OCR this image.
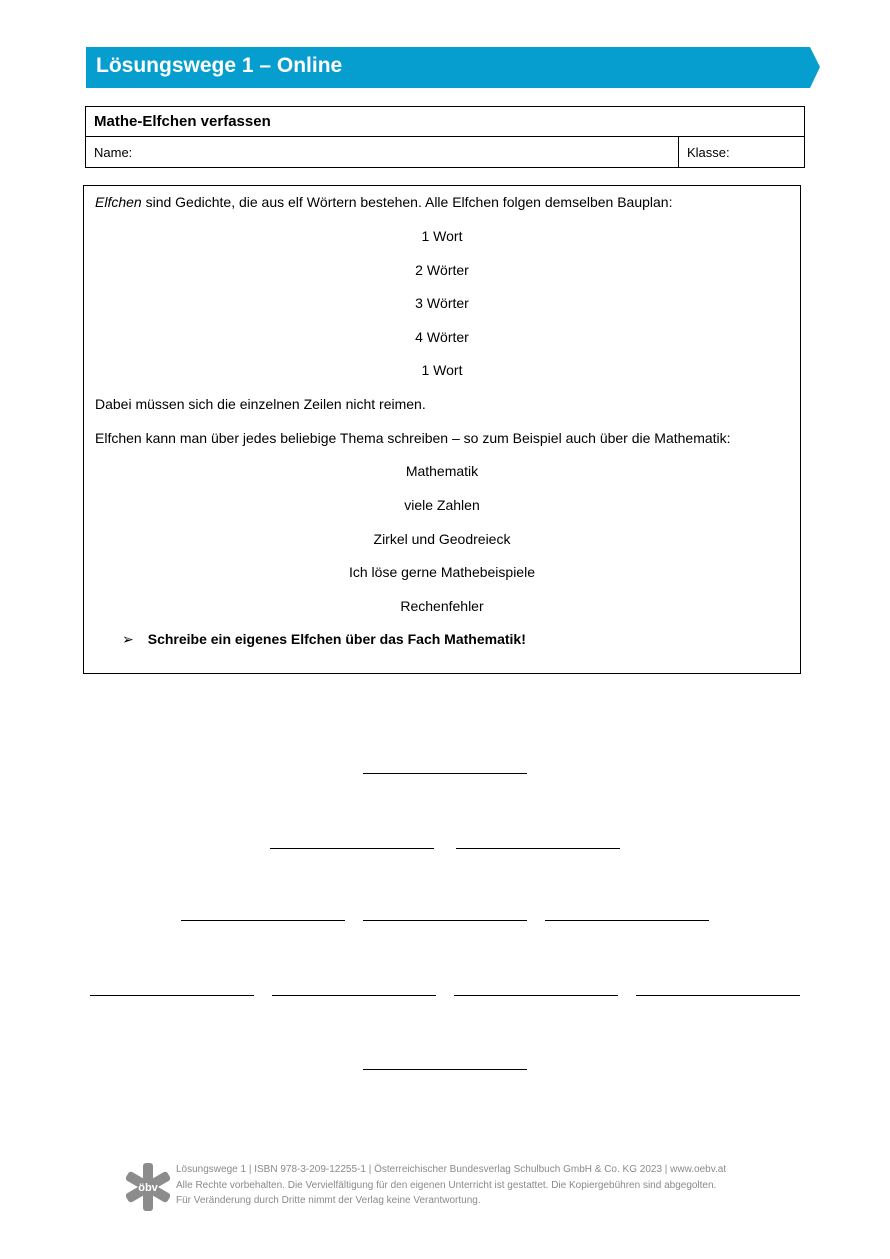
Lösungswege 1 – Online
Mathe-Elfchen verfassen
Name:	Klasse:
Elfchen sind Gedichte, die aus elf Wörtern bestehen. Alle Elfchen folgen demselben Bauplan:
1 Wort
2 Wörter
3 Wörter
4 Wörter
1 Wort
Dabei müssen sich die einzelnen Zeilen nicht reimen.
Elfchen kann man über jedes beliebige Thema schreiben – so zum Beispiel auch über die Mathematik:
Mathematik
viele Zahlen
Zirkel und Geodreieck
Ich löse gerne Mathebeispiele
Rechenfehler
➢ Schreibe ein eigenes Elfchen über das Fach Mathematik!
öbv
Lösungswege 1 | ISBN 978-3-209-12255-1 | Österreichischer Bundesverlag Schulbuch GmbH & Co. KG 2023 | www.oebv.at
Alle Rechte vorbehalten. Die Vervielfältigung für den eigenen Unterricht ist gestattet. Die Kopiergebühren sind abgegolten.
Für Veränderung durch Dritte nimmt der Verlag keine Verantwortung.
